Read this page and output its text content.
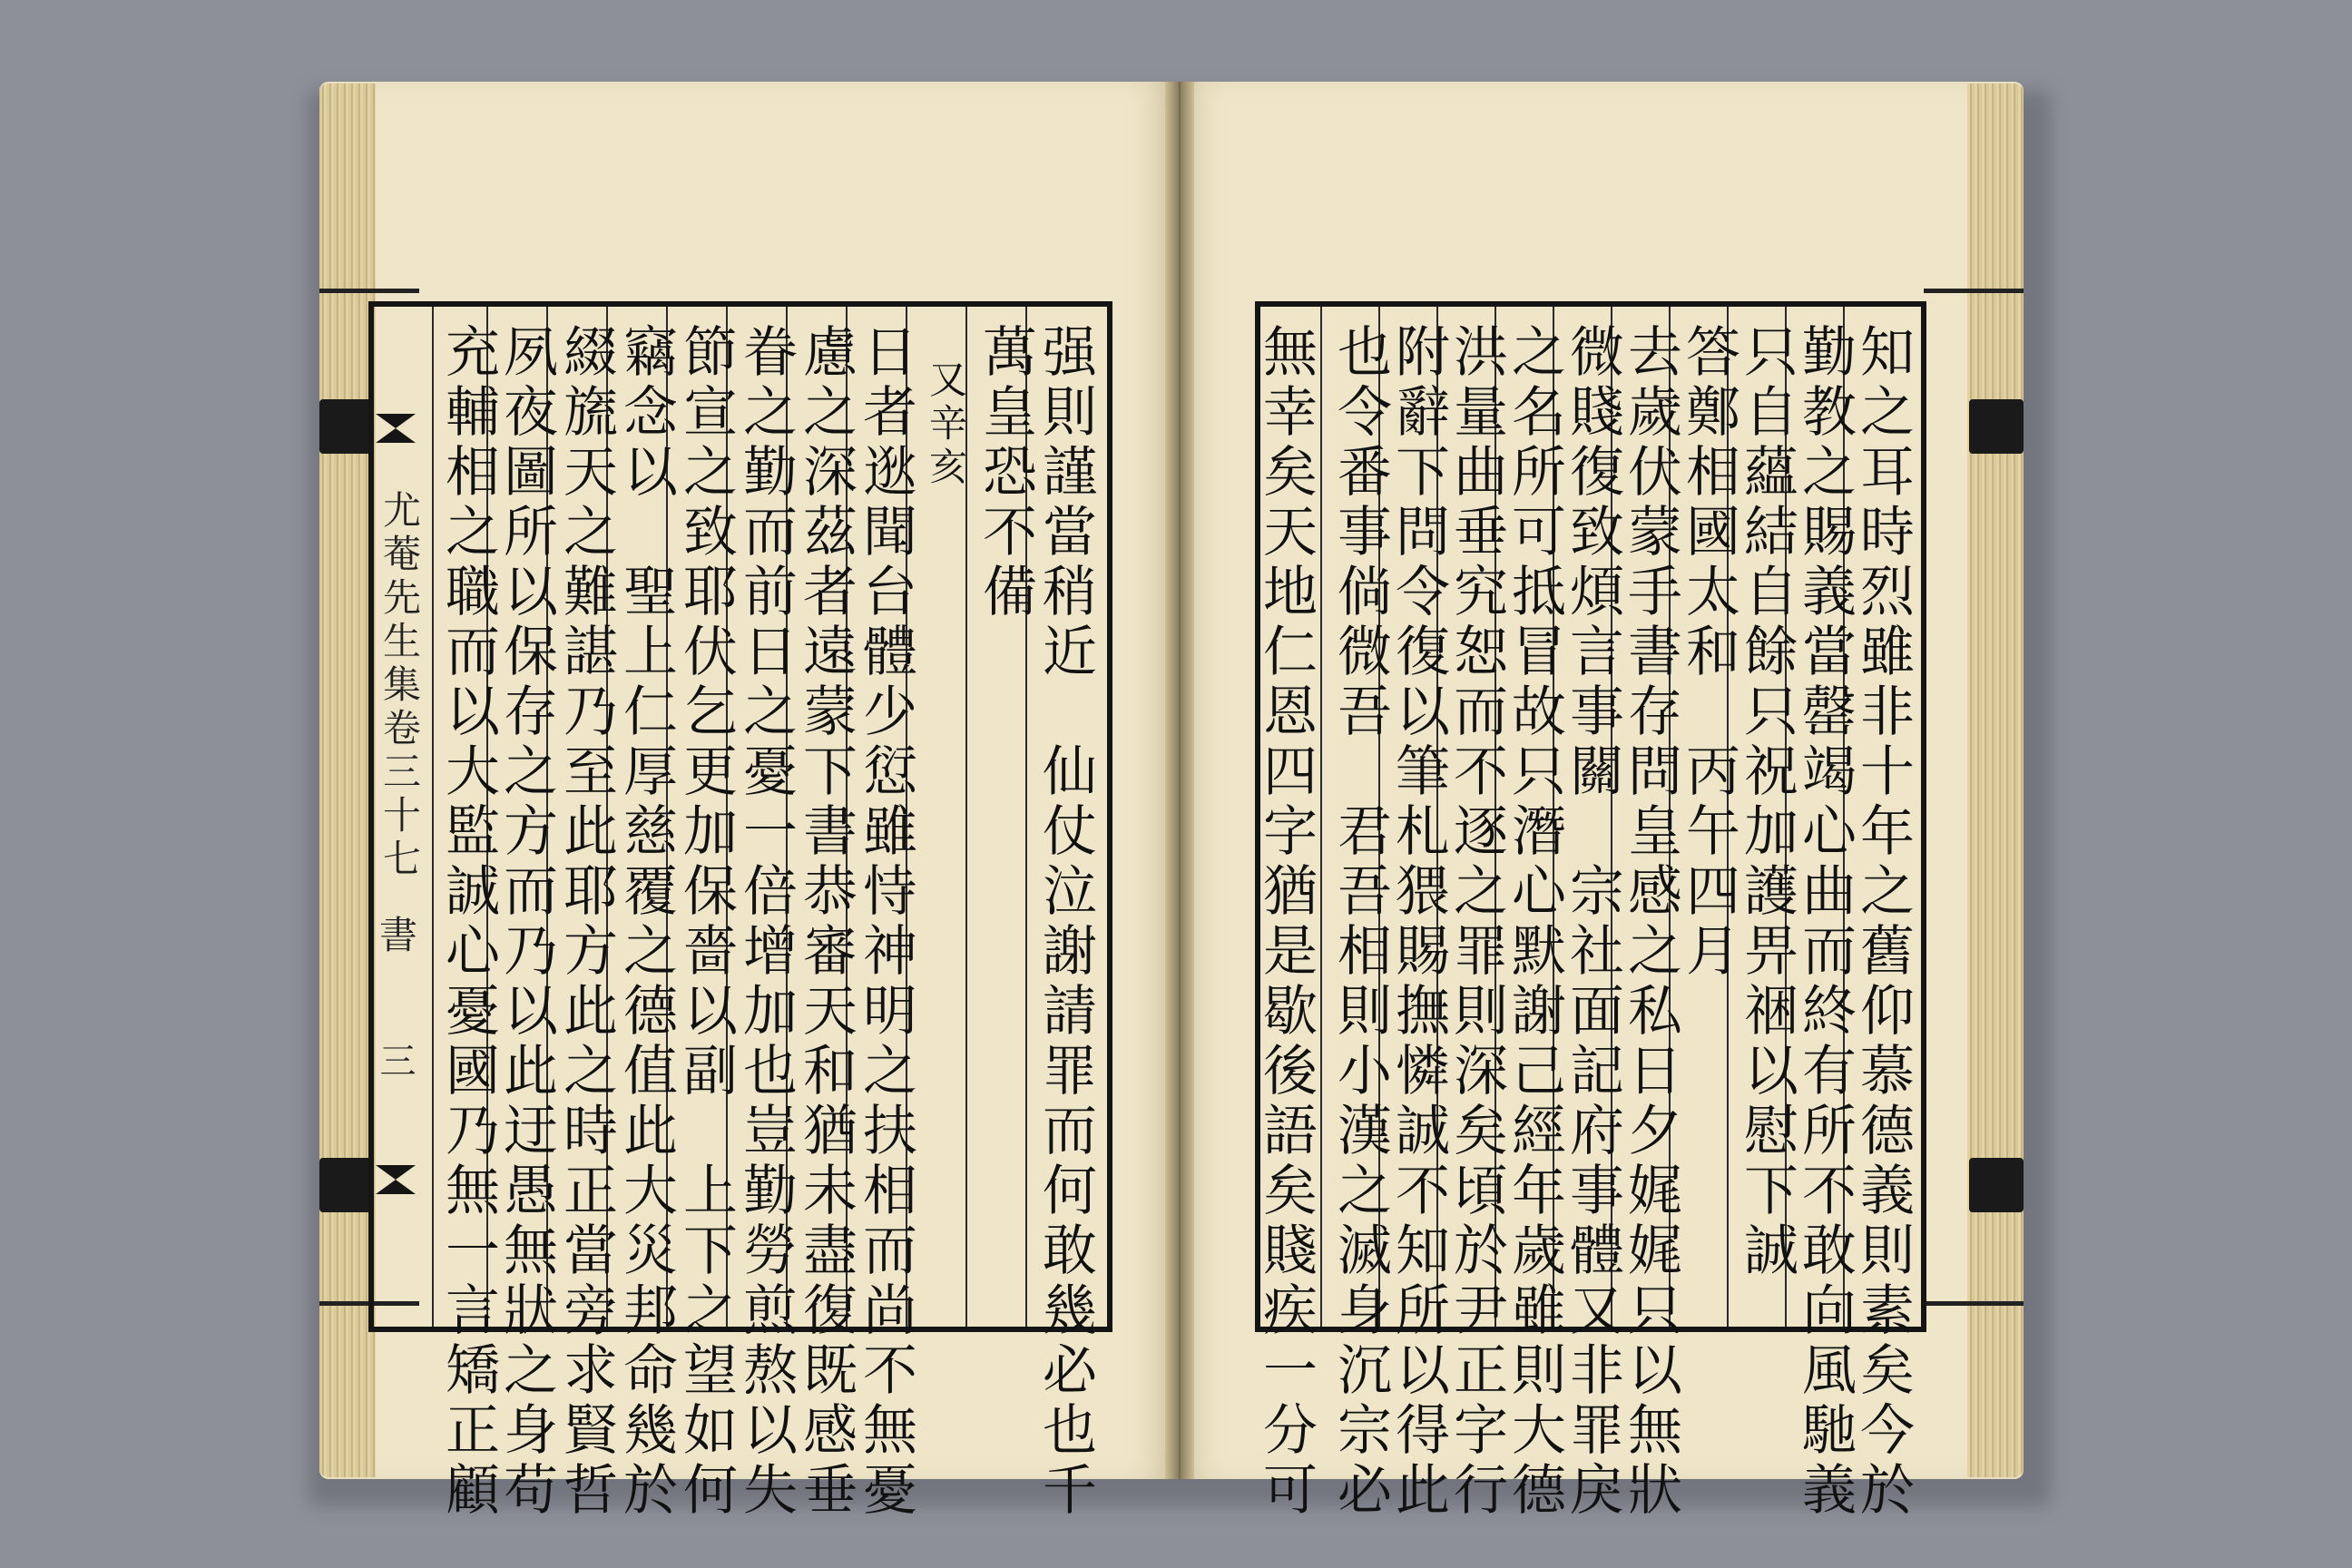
强則謹當稍近　仙仗泣謝請罪而何敢幾必也千
萬皇恐不備
又辛亥
日者逖聞台體少愆雖恃神明之扶相而尚不無憂
慮之深茲者遠蒙下書恭審天和猶未盡復既感垂
眷之勤而前日之憂一倍增加也豈勤勞煎熬以失
節宣之致耶伏乞更加保嗇以副　上下之望如何
竊念以　聖上仁厚慈覆之德值此大災邦命幾於
綴旒天之難諶乃至此耶方此之時正當旁求賢哲
夙夜圖所以保存之方而乃以此迂愚無狀之身苟
充輔相之職而以大監誠心憂國乃無一言矯正顧
尤菴先生集卷三十七
書
三	知之耳時烈雖非十年之舊仰慕德義則素矣今於
勤教之賜義當罄竭心曲而終有所不敢向風馳義
只自蘊結自餘只祝加護畀祵以慰下誠
答鄭相國太和　丙午四月
去歲伏蒙手書存問皇感之私日夕娓娓只以無狀
微賤復致煩言事關　宗社面記府事體又非罪戾
之名所可抵冒故只潛心默謝己經年歲雖則大德
洪量曲垂究恕而不逐之罪則深矣頃於尹正字行
附辭下問令復以筆札猥賜撫憐誠不知所以得此
也令番事倘微吾　君吾相則小漢之滅身沉宗必
無幸矣天地仁恩四字猶是歇後語矣賤疾一分可
